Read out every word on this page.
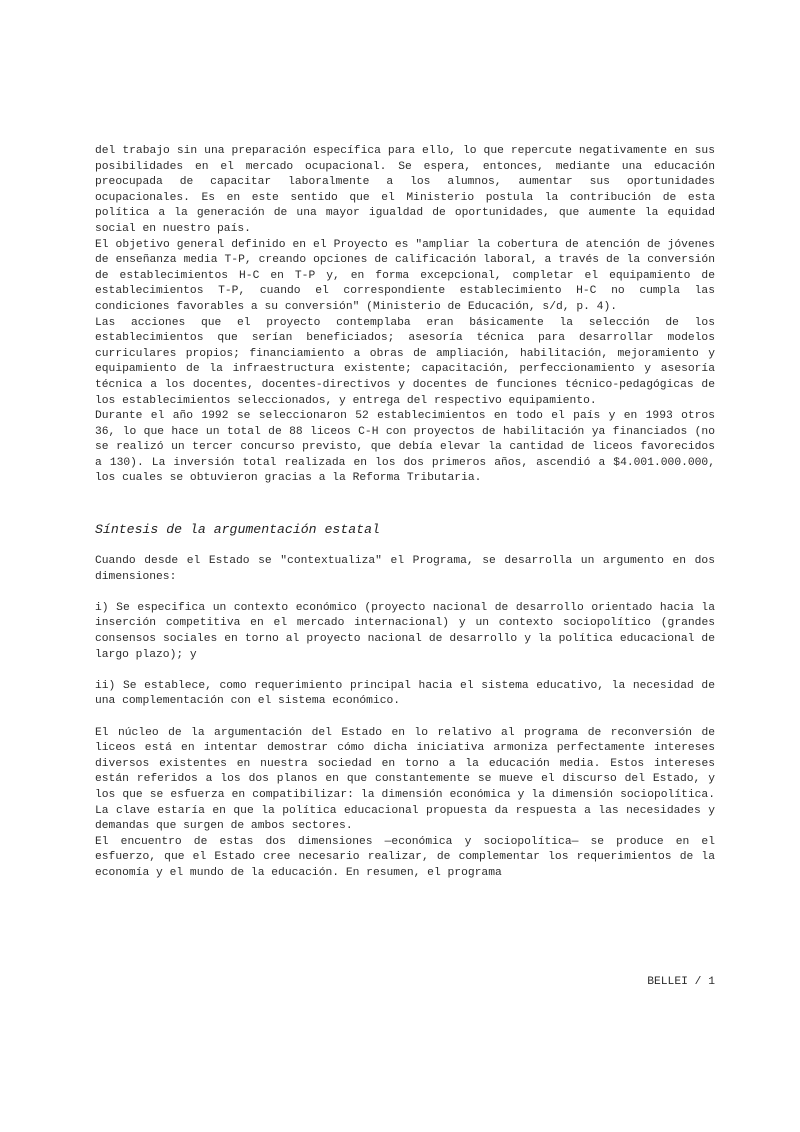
del trabajo sin una preparación específica para ello, lo que repercute negativamente en sus posibilidades en el mercado ocupacional. Se espera, entonces, mediante una educación preocupada de capacitar laboralmente a los alumnos, aumentar sus oportunidades ocupacionales. Es en este sentido que el Ministerio postula la contribución de esta política a la generación de una mayor igualdad de oportunidades, que aumente la equidad social en nuestro país.

El objetivo general definido en el Proyecto es "ampliar la cobertura de atención de jóvenes de enseñanza media T-P, creando opciones de calificación laboral, a través de la conversión de establecimientos H-C en T-P y, en forma excepcional, completar el equipamiento de establecimientos T-P, cuando el correspondiente establecimiento H-C no cumpla las condiciones favorables a su conversión" (Ministerio de Educación, s/d, p. 4).

Las acciones que el proyecto contemplaba eran básicamente la selección de los establecimientos que serían beneficiados; asesoría técnica para desarrollar modelos curriculares propios; financiamiento a obras de ampliación, habilitación, mejoramiento y equipamiento de la infraestructura existente; capacitación, perfeccionamiento y asesoría técnica a los docentes, docentes-directivos y docentes de funciones técnico-pedagógicas de los establecimientos seleccionados, y entrega del respectivo equipamiento.

Durante el año 1992 se seleccionaron 52 establecimientos en todo el país y en 1993 otros 36, lo que hace un total de 88 liceos C-H con proyectos de habilitación ya financiados (no se realizó un tercer concurso previsto, que debía elevar la cantidad de liceos favorecidos a 130). La inversión total realizada en los dos primeros años, ascendió a $4.001.000.000, los cuales se obtuvieron gracias a la Reforma Tributaria.

Síntesis de la argumentación estatal

Cuando desde el Estado se "contextualiza" el Programa, se desarrolla un argumento en dos dimensiones:

i) Se especifica un contexto económico (proyecto nacional de desarrollo orientado hacia la inserción competitiva en el mercado internacional) y un contexto sociopolítico (grandes consensos sociales en torno al proyecto nacional de desarrollo y la política educacional de largo plazo); y

ii) Se establece, como requerimiento principal hacia el sistema educativo, la necesidad de una complementación con el sistema económico.

El núcleo de la argumentación del Estado en lo relativo al programa de reconversión de liceos está en intentar demostrar cómo dicha iniciativa armoniza perfectamente intereses diversos existentes en nuestra sociedad en torno a la educación media. Estos intereses están referidos a los dos planos en que constantemente se mueve el discurso del Estado, y los que se esfuerza en compatibilizar: la dimensión económica y la dimensión sociopolítica. La clave estaría en que la política educacional propuesta da respuesta a las necesidades y demandas que surgen de ambos sectores.

El encuentro de estas dos dimensiones —económica y sociopolítica— se produce en el esfuerzo, que el Estado cree necesario realizar, de complementar los requerimientos de la economía y el mundo de la educación. En resumen, el programa

BELLEI / 1
